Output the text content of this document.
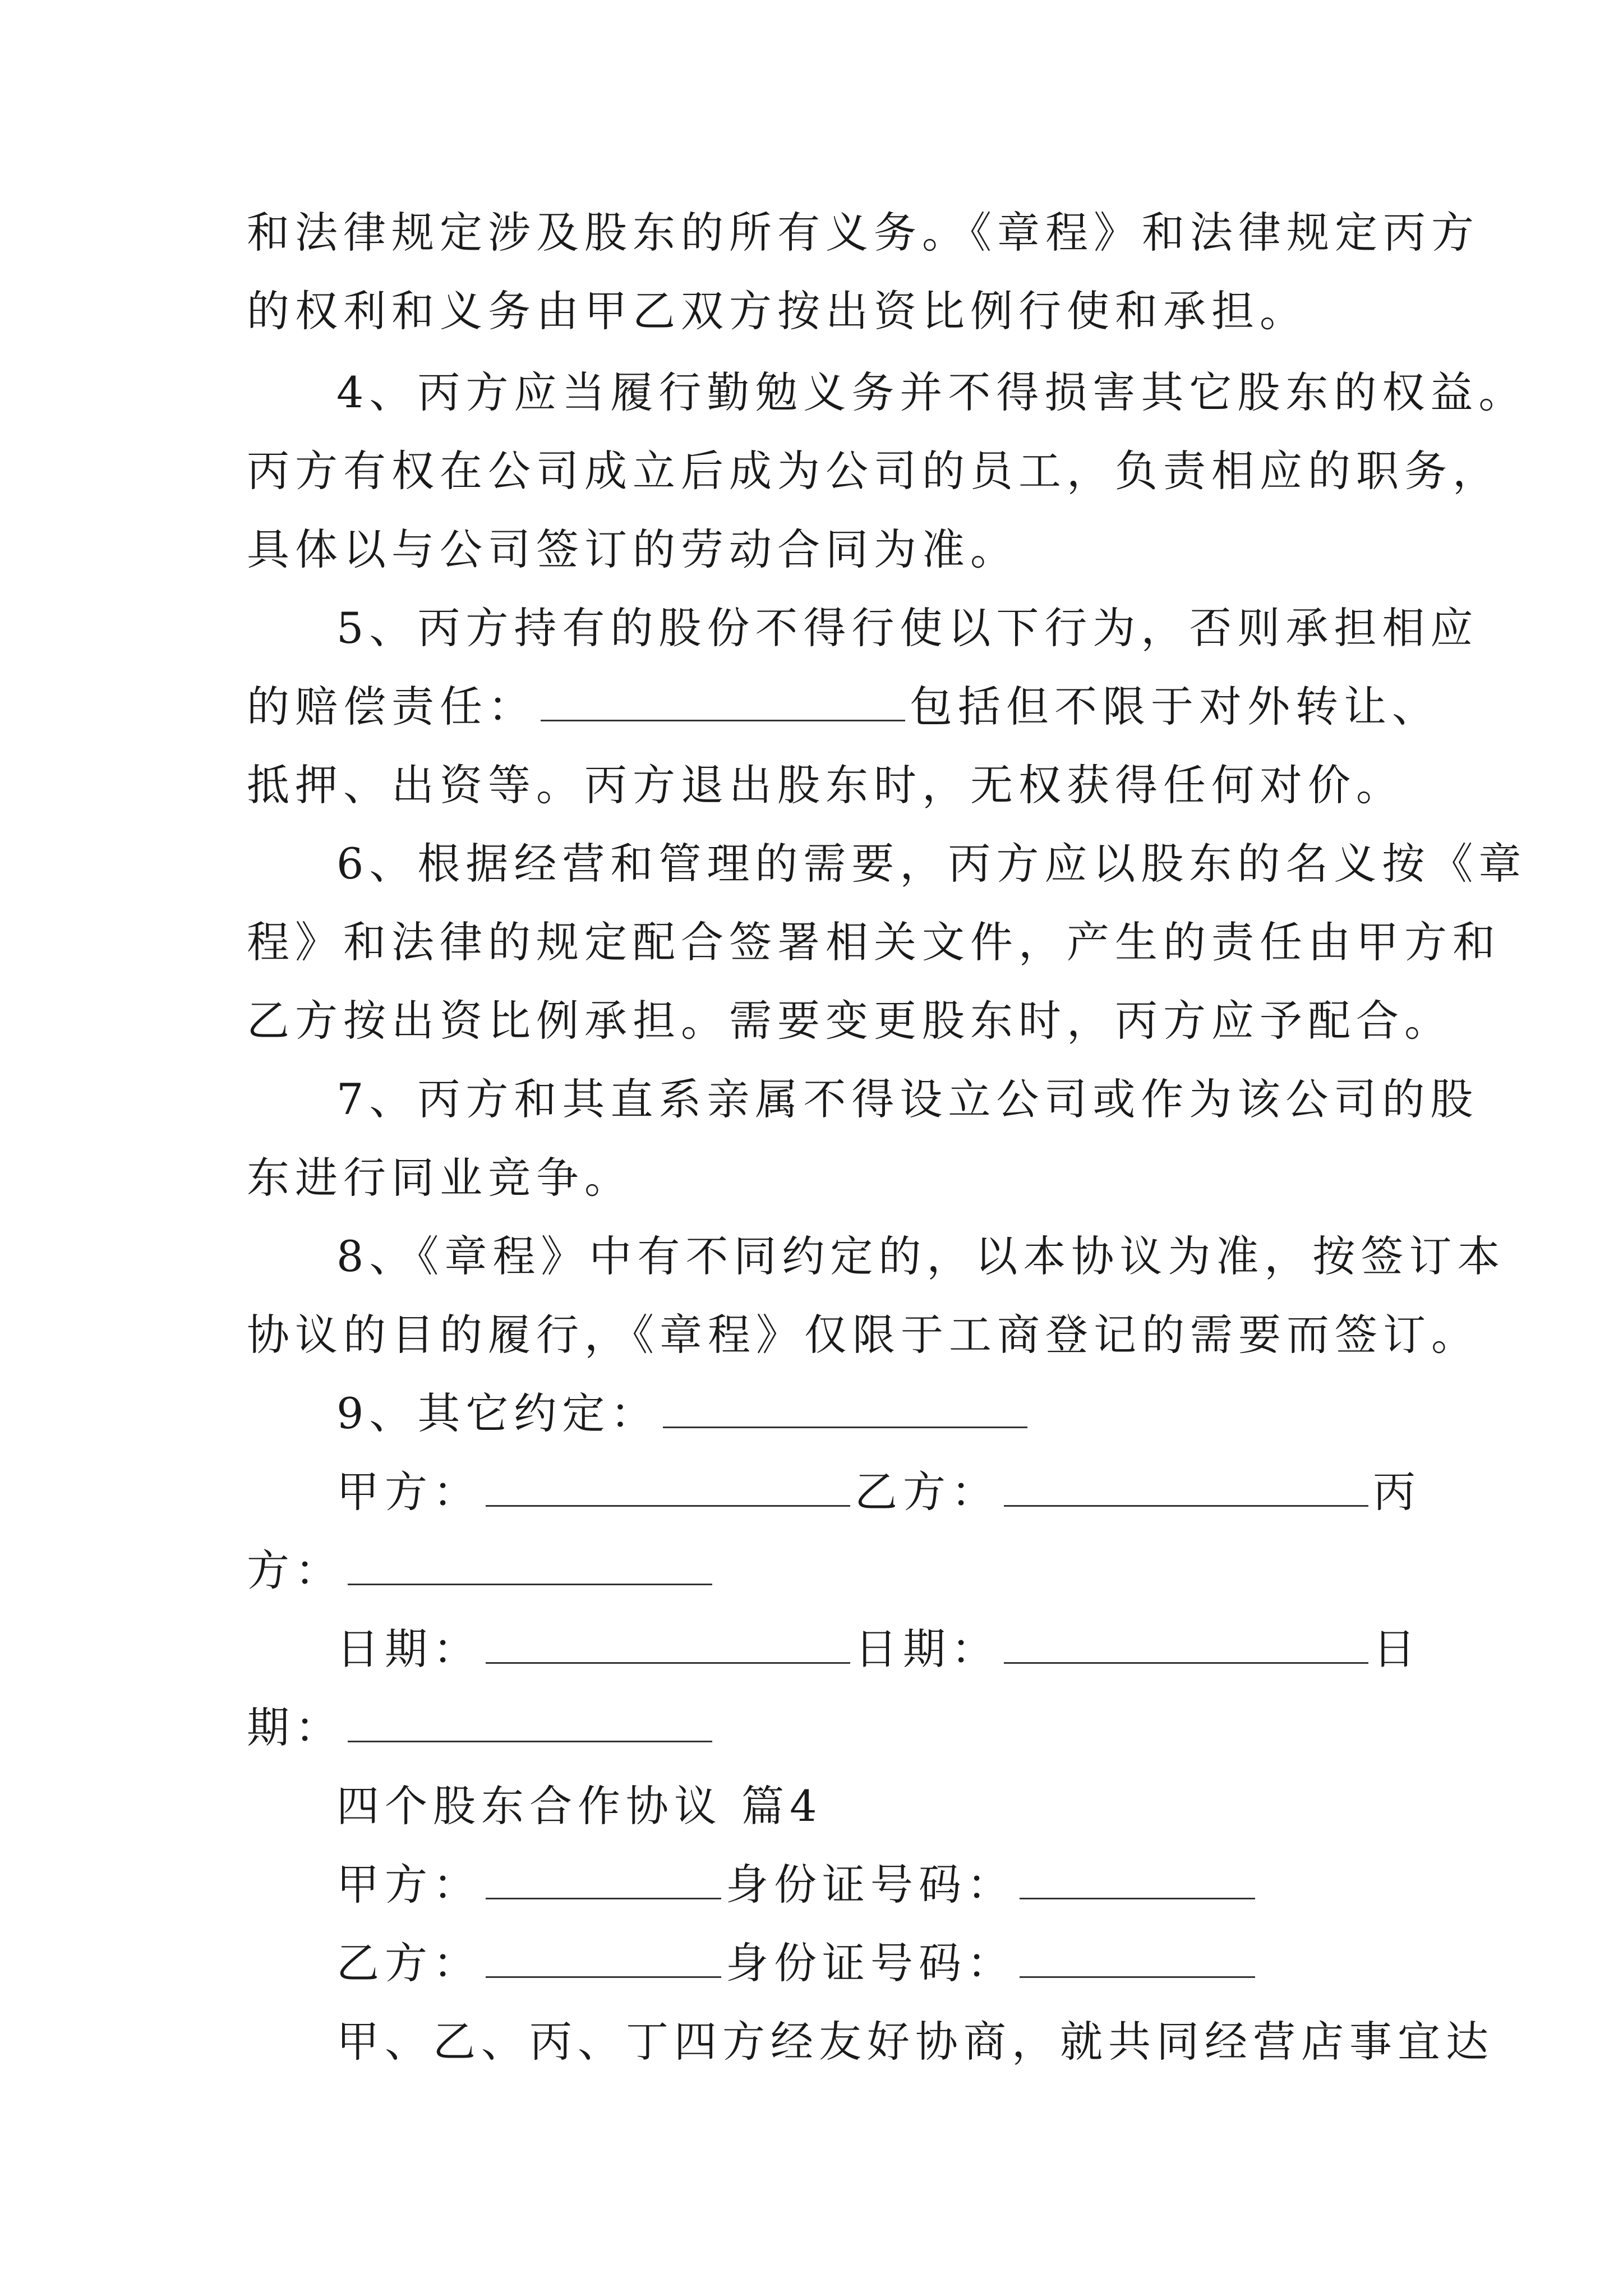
和法律规定涉及股东的所有义务。《章程》和法律规定丙方
的权利和义务由甲乙双方按出资比例行使和承担。
4、丙方应当履行勤勉义务并不得损害其它股东的权益。
丙方有权在公司成立后成为公司的员工，负责相应的职务，
具体以与公司签订的劳动合同为准。
5、丙方持有的股份不得行使以下行为，否则承担相应
的赔偿责任：	包括但不限于对外转让、
抵押、出资等。丙方退出股东时，无权获得任何对价。
6、根据经营和管理的需要，丙方应以股东的名义按《章
程》和法律的规定配合签署相关文件，产生的责任由甲方和
乙方按出资比例承担。需要变更股东时，丙方应予配合。
7、丙方和其直系亲属不得设立公司或作为该公司的股
东进行同业竞争。
8、《章程》中有不同约定的，以本协议为准，按签订本
协议的目的履行，《章程》仅限于工商登记的需要而签订。
9、其它约定：
甲方：	乙方：	丙
方：
日期：	日期：	日
期：
四个股东合作协议 篇4
甲方：	身份证号码：
乙方：	身份证号码：
甲、乙、丙、丁四方经友好协商，就共同经营店事宜达
